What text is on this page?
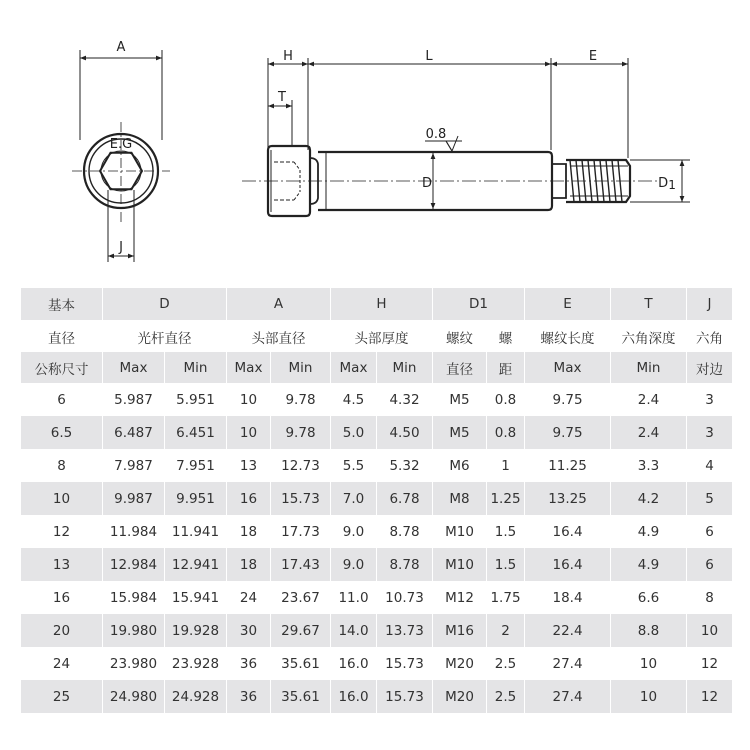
A
E.G
J
H	L	E
T
0.8
D	D1
基本	D		A		H		D1		E	T	J
直径	光杆直径		头部直径		头部厚度		螺纹	螺	螺纹长度	六角深度	六角
公称尺寸	Max	Min	Max	Min	Max	Min	直径	距	Max	Min	对边
6	5.987	5.951	10	9.78	4.5	4.32	M5	0.8	9.75	2.4	3
6.5	6.487	6.451	10	9.78	5.0	4.50	M5	0.8	9.75	2.4	3
8	7.987	7.951	13	12.73	5.5	5.32	M6	1	11.25	3.3	4
10	9.987	9.951	16	15.73	7.0	6.78	M8	1.25	13.25	4.2	5
12	11.984	11.941	18	17.73	9.0	8.78	M10	1.5	16.4	4.9	6
13	12.984	12.941	18	17.43	9.0	8.78	M10	1.5	16.4	4.9	6
16	15.984	15.941	24	23.67	11.0	10.73	M12	1.75	18.4	6.6	8
20	19.980	19.928	30	29.67	14.0	13.73	M16	2	22.4	8.8	10
24	23.980	23.928	36	35.61	16.0	15.73	M20	2.5	27.4	10	12
25	24.980	24.928	36	35.61	16.0	15.73	M20	2.5	27.4	10	12
